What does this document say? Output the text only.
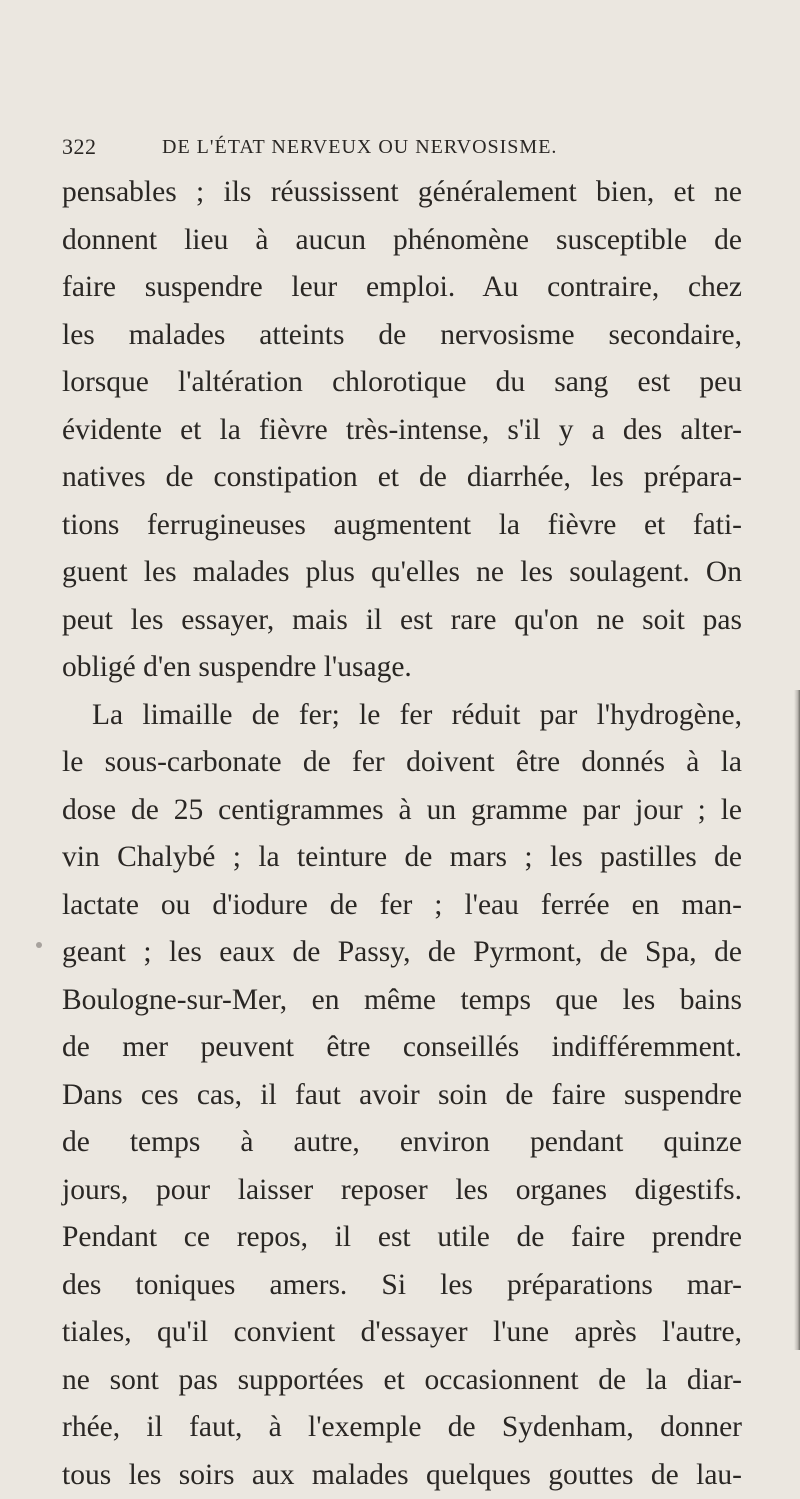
322	DE L'ÉTAT NERVEUX OU NERVOSISME.
pensables ; ils réussissent généralement bien, et ne
donnent lieu à aucun phénomène susceptible de
faire suspendre leur emploi. Au contraire, chez
les malades atteints de nervosisme secondaire,
lorsque l'altération chlorotique du sang est peu
évidente et la fièvre très-intense, s'il y a des alter-
natives de constipation et de diarrhée, les prépara-
tions ferrugineuses augmentent la fièvre et fati-
guent les malades plus qu'elles ne les soulagent. On
peut les essayer, mais il est rare qu'on ne soit pas
obligé d'en suspendre l'usage.
La limaille de fer; le fer réduit par l'hydrogène,
le sous-carbonate de fer doivent être donnés à la
dose de 25 centigrammes à un gramme par jour ; le
vin Chalybé ; la teinture de mars ; les pastilles de
lactate ou d'iodure de fer ; l'eau ferrée en man-
geant ; les eaux de Passy, de Pyrmont, de Spa, de
Boulogne-sur-Mer, en même temps que les bains
de mer peuvent être conseillés indifféremment.
Dans ces cas, il faut avoir soin de faire suspendre
de temps à autre, environ pendant quinze
jours, pour laisser reposer les organes digestifs.
Pendant ce repos, il est utile de faire prendre
des toniques amers. Si les préparations mar-
tiales, qu'il convient d'essayer l'une après l'autre,
ne sont pas supportées et occasionnent de la diar-
rhée, il faut, à l'exemple de Sydenham, donner
tous les soirs aux malades quelques gouttes de lau-
